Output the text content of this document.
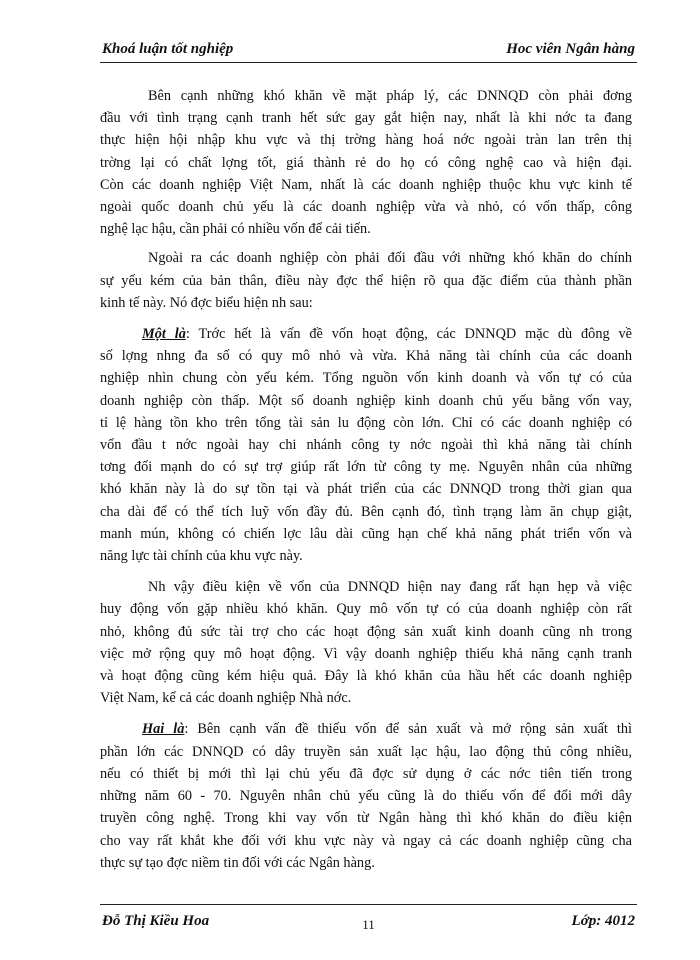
Khoá luận tốt nghiệp	Hoc viên Ngân hàng

Bên cạnh những khó khăn về mặt pháp lý, các DNNQD còn phải đơng
đầu với tình trạng cạnh tranh hết sức gay gắt hiện nay, nhất là khi nớc ta đang
thực hiện hội nhập khu vực và thị trờng hàng hoá nớc ngoài tràn lan trên thị
trờng lại có chất lợng tốt, giá thành rẻ do họ có công nghệ cao và hiện đại.
Còn các doanh nghiệp Việt Nam, nhất là các doanh nghiệp thuộc khu vực kinh tế
ngoài quốc doanh chủ yếu là các doanh nghiệp vừa và nhỏ, có vốn thấp, công
nghệ lạc hậu, cần phải có nhiều vốn để cải tiến.

Ngoài ra các doanh nghiệp còn phải đối đầu với những khó khăn do chính
sự yếu kém của bản thân, điều này đợc thể hiện rõ qua đặc điểm của thành phần
kinh tế này. Nó đợc biểu hiện nh sau:

Một là: Trớc hết là vấn đề vốn hoạt động, các DNNQD mặc dù đông về
số lợng nhng đa số có quy mô nhỏ và vừa. Khả năng tài chính của các doanh
nghiệp nhìn chung còn yếu kém. Tổng nguồn vốn kinh doanh và vốn tự có của
doanh nghiệp còn thấp. Một số doanh nghiệp kinh doanh chủ yếu bằng vốn vay,
tỉ lệ hàng tồn kho trên tổng tài sản lu động còn lớn. Chỉ có các doanh nghiệp có
vốn đầu t nớc ngoài hay chi nhánh công ty nớc ngoài thì khả năng tài chính
tơng đối mạnh do có sự trợ giúp rất lớn từ công ty mẹ. Nguyên nhân của những
khó khăn này là do sự tồn tại và phát triển của các DNNQD trong thời gian qua
cha dài để có thể tích luỹ vốn đầy đủ. Bên cạnh đó, tình trạng làm ăn chụp giật,
manh mún, không có chiến lợc lâu dài cũng hạn chế khả năng phát triển vốn và
năng lực tài chính của khu vực này.

Nh vậy điều kiện về vốn của DNNQD hiện nay đang rất hạn hẹp và việc
huy động vốn gặp nhiều khó khăn. Quy mô vốn tự có của doanh nghiệp còn rất
nhỏ, không đủ sức tài trợ cho các hoạt động sản xuất kinh doanh cũng nh trong
việc mở rộng quy mô hoạt động. Vì vậy doanh nghiệp thiếu khả năng cạnh tranh
và hoạt động cũng kém hiệu quả. Đây là khó khăn của hầu hết các doanh nghiệp
Việt Nam, kể cả các doanh nghiệp Nhà nớc.

Hai là: Bên cạnh vấn đề thiếu vốn để sản xuất và mở rộng sản xuất thì
phần lớn các DNNQD có dây truyền sản xuất lạc hậu, lao động thủ công nhiều,
nếu có thiết bị mới thì lại chủ yếu đã đợc sử dụng ở các nớc tiên tiến trong
những năm 60 - 70. Nguyên nhân chủ yếu cũng là do thiếu vốn để đổi mới dây
truyền công nghệ. Trong khi vay vốn từ Ngân hàng thì khó khăn do điều kiện
cho vay rất khắt khe đối với khu vực này và ngay cả các doanh nghiệp cũng cha
thực sự tạo đợc niềm tin đối với các Ngân hàng.

Đỗ Thị Kiều Hoa	11	Lớp: 4012
